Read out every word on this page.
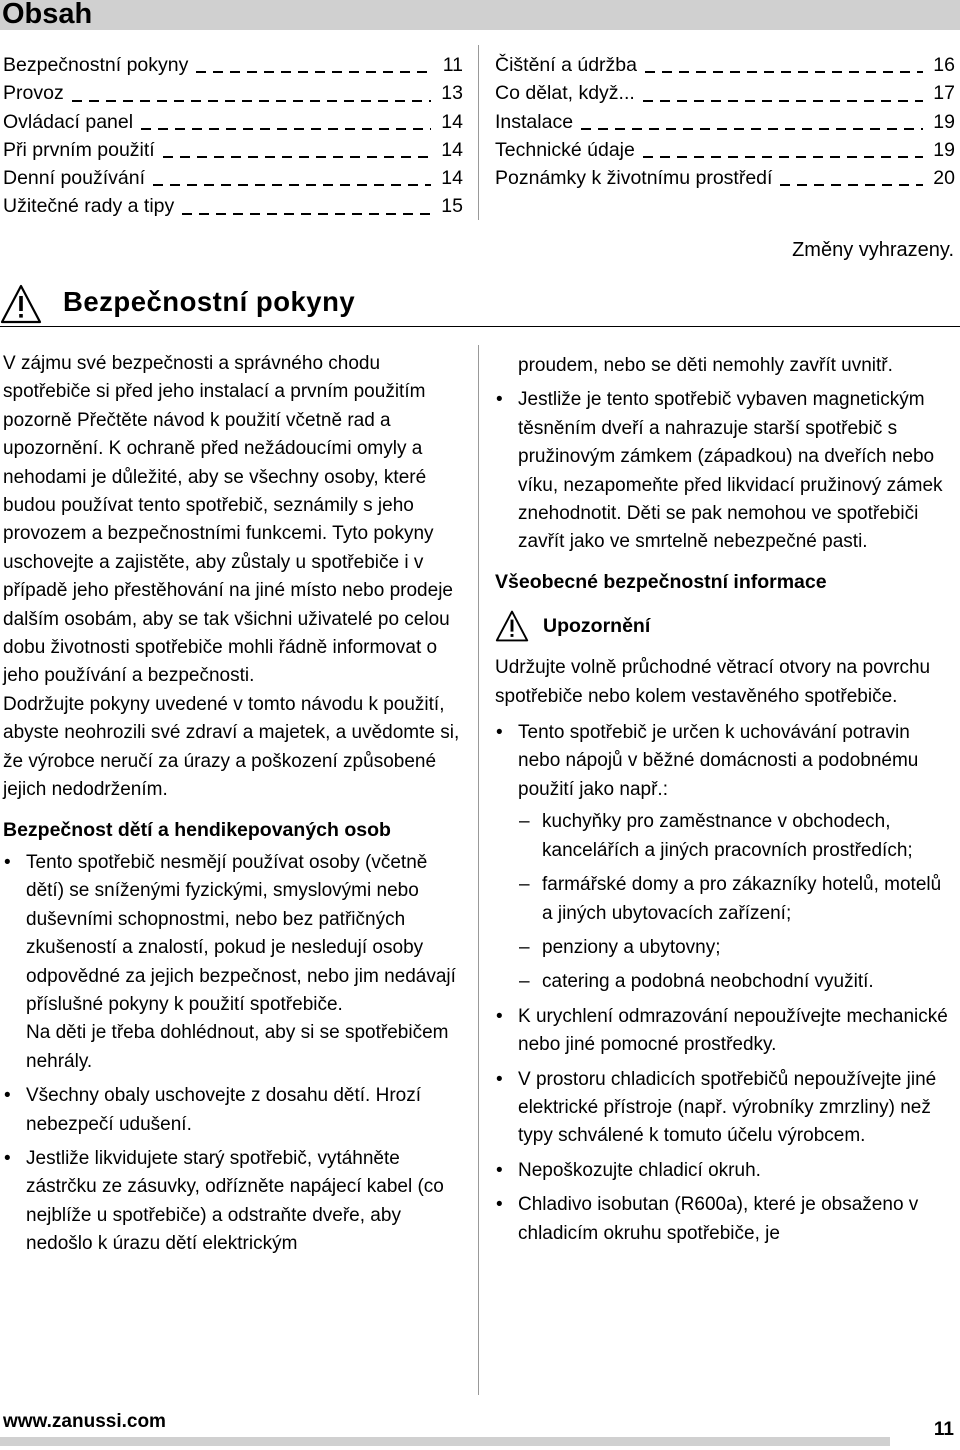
Obsah
Bezpečnostní pokyny	11
Provoz	13
Ovládací panel	14
Při prvním použití	14
Denní používání	14
Užitečné rady a tipy	15
Čištění a údržba	16
Co dělat, když...	17
Instalace	19
Technické údaje	19
Poznámky k životnímu prostředí	20
Změny vyhrazeny.
Bezpečnostní pokyny

V zájmu své bezpečnosti a správného chodu spotřebiče si před jeho instalací a prvním použitím pozorně Přečtěte návod k použití včetně rad a upozornění. K ochraně před nežádoucími omyly a nehodami je důležité, aby se všechny osoby, které budou používat tento spotřebič, seznámily s jeho provozem a bezpečnostními funkcemi. Tyto pokyny uschovejte a zajistěte, aby zůstaly u spotřebiče i v případě jeho přestěhování na jiné místo nebo prodeje dalším osobám, aby se tak všichni uživatelé po celou dobu životnosti spotřebiče mohli řádně informovat o jeho používání a bezpečnosti.

Dodržujte pokyny uvedené v tomto návodu k použití, abyste neohrozili své zdraví a majetek, a uvědomte si, že výrobce neručí za úrazy a poškození způsobené jejich nedodržením.

Bezpečnost dětí a hendikepovaných osob
• Tento spotřebič nesmějí používat osoby (včetně dětí) se sníženými fyzickými, smyslovými nebo duševními schopnostmi, nebo bez patřičných zkušeností a znalostí, pokud je nesledují osoby odpovědné za jejich bezpečnost, nebo jim nedávají příslušné pokyny k použití spotřebiče.
Na děti je třeba dohlédnout, aby si se spotřebičem nehrály.
• Všechny obaly uschovejte z dosahu dětí. Hrozí nebezpečí udušení.
• Jestliže likvidujete starý spotřebič, vytáhněte zástrčku ze zásuvky, odřízněte napájecí kabel (co nejblíže u spotřebiče) a odstraňte dveře, aby nedošlo k úrazu dětí elektrickým
proudem, nebo se děti nemohly zavřít uvnitř.
• Jestliže je tento spotřebič vybaven magnetickým těsněním dveří a nahrazuje starší spotřebič s pružinovým zámkem (západkou) na dveřích nebo víku, nezapomeňte před likvidací pružinový zámek znehodnotit. Děti se pak nemohou ve spotřebiči zavřít jako ve smrtelně nebezpečné pasti.
Všeobecné bezpečnostní informace
Upozornění

Udržujte volně průchodné větrací otvory na povrchu spotřebiče nebo kolem vestavěného spotřebiče.

• Tento spotřebič je určen k uchovávání potravin nebo nápojů v běžné domácnosti a podobnému použití jako např.:
– kuchyňky pro zaměstnance v obchodech, kancelářích a jiných pracovních prostředích;
– farmářské domy a pro zákazníky hotelů, motelů a jiných ubytovacích zařízení;
– penziony a ubytovny;
– catering a podobná neobchodní využití.
• K urychlení odmrazování nepoužívejte mechanické nebo jiné pomocné prostředky.
• V prostoru chladicích spotřebičů nepoužívejte jiné elektrické přístroje (např. výrobníky zmrzliny) než typy schválené k tomuto účelu výrobcem.
• Nepoškozujte chladicí okruh.
• Chladivo isobutan (R600a), které je obsaženo v chladicím okruhu spotřebiče, je
www.zanussi.com	11
